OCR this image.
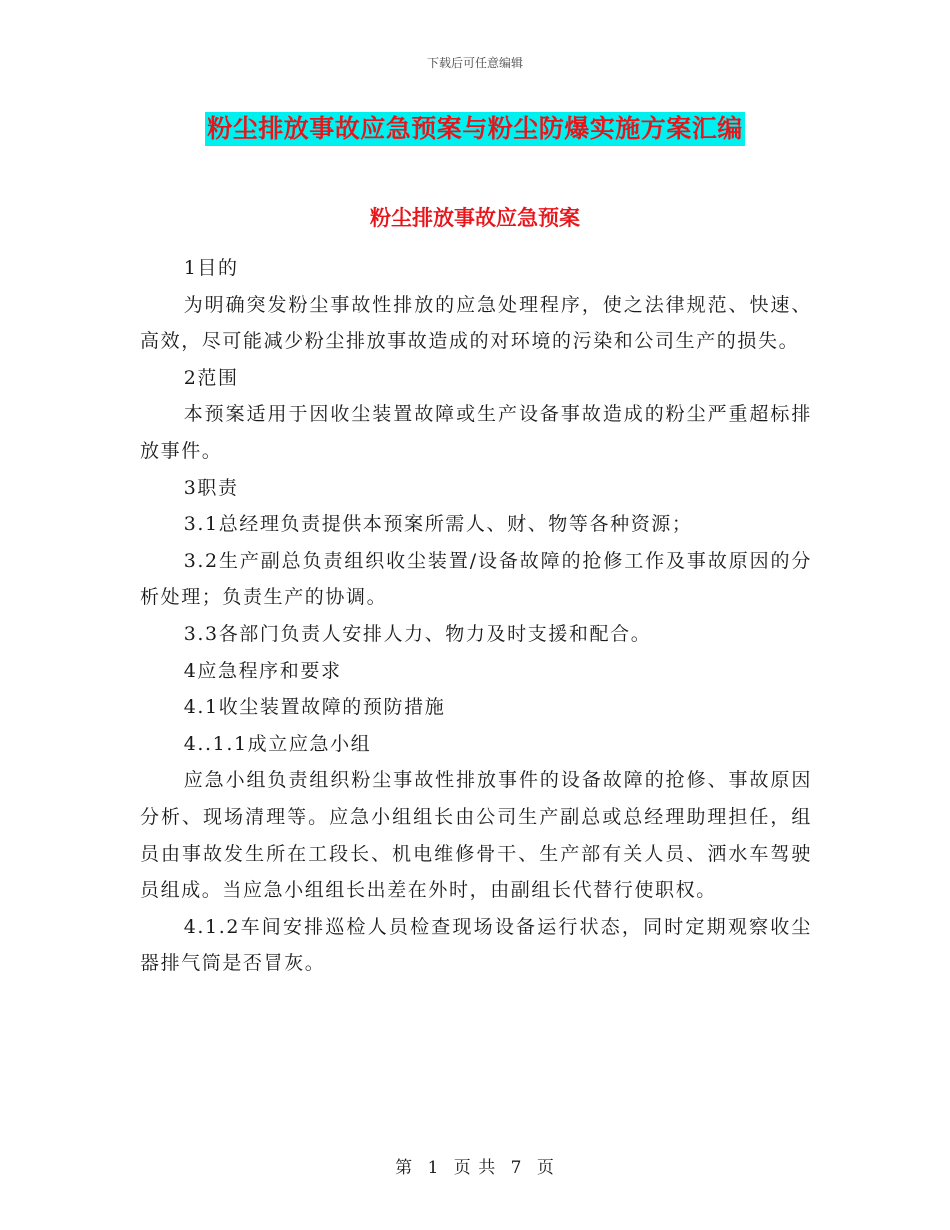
下载后可任意编辑
粉尘排放事故应急预案与粉尘防爆实施方案汇编
粉尘排放事故应急预案

1目的

为明确突发粉尘事故性排放的应急处理程序，使之法律规范、快速、高效，尽可能减少粉尘排放事故造成的对环境的污染和公司生产的损失。

2范围

本预案适用于因收尘装置故障或生产设备事故造成的粉尘严重超标排放事件。

3职责

3.1总经理负责提供本预案所需人、财、物等各种资源；

3.2生产副总负责组织收尘装置/设备故障的抢修工作及事故原因的分析处理；负责生产的协调。

3.3各部门负责人安排人力、物力及时支援和配合。

4应急程序和要求

4.1收尘装置故障的预防措施

4..1.1成立应急小组

应急小组负责组织粉尘事故性排放事件的设备故障的抢修、事故原因分析、现场清理等。应急小组组长由公司生产副总或总经理助理担任，组员由事故发生所在工段长、机电维修骨干、生产部有关人员、洒水车驾驶员组成。当应急小组组长出差在外时，由副组长代替行使职权。

4.1.2车间安排巡检人员检查现场设备运行状态，同时定期观察收尘器排气筒是否冒灰。

第 1 页 共 7 页
